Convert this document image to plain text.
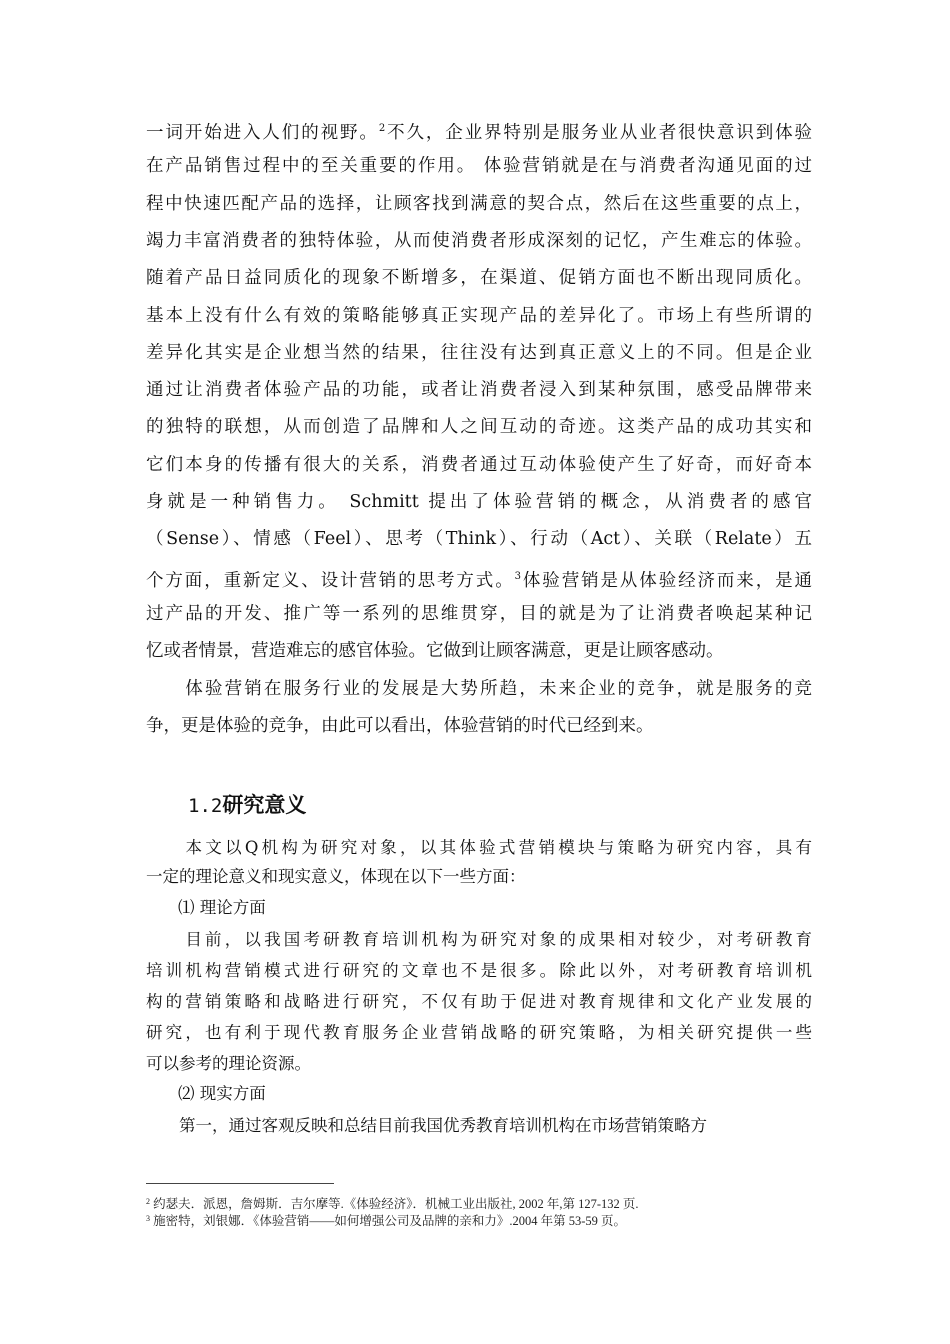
一词开始进入人们的视野。$^2$不久，企业界特别是服务业从业者很快意识到体验
在产品销售过程中的至关重要的作用。 体验营销就是在与消费者沟通见面的过
程中快速匹配产品的选择，让顾客找到满意的契合点，然后在这些重要的点上，
竭力丰富消费者的独特体验，从而使消费者形成深刻的记忆，产生难忘的体验。
随着产品日益同质化的现象不断增多，在渠道、促销方面也不断出现同质化。
基本上没有什么有效的策略能够真正实现产品的差异化了。市场上有些所谓的
差异化其实是企业想当然的结果，往往没有达到真正意义上的不同。但是企业
通过让消费者体验产品的功能，或者让消费者浸入到某种氛围，感受品牌带来
的独特的联想，从而创造了品牌和人之间互动的奇迹。这类产品的成功其实和
它们本身的传播有很大的关系，消费者通过互动体验使产生了好奇，而好奇本
身就是一种销售力。 Schmitt 提出了体验营销的概念，从消费者的感官
（Sense）、情感（Feel）、思考（Think）、行动（Act）、关联（Relate）五
个方面，重新定义、设计营销的思考方式。$^3$体验营销是从体验经济而来，是通
过产品的开发、推广等一系列的思维贯穿，目的就是为了让消费者唤起某种记
忆或者情景，营造难忘的感官体验。它做到让顾客满意，更是让顾客感动。
　　体验营销在服务行业的发展是大势所趋，未来企业的竞争，就是服务的竞
争，更是体验的竞争，由此可以看出，体验营销的时代已经到来。
1.2研究意义
　　本文以Q机构为研究对象，以其体验式营销模块与策略为研究内容，具有
一定的理论意义和现实意义，体现在以下一些方面：
⑴ 理论方面
　　目前，以我国考研教育培训机构为研究对象的成果相对较少，对考研教育
培训机构营销模式进行研究的文章也不是很多。除此以外，对考研教育培训机
构的营销策略和战略进行研究，不仅有助于促进对教育规律和文化产业发展的
研究，也有利于现代教育服务企业营销战略的研究策略，为相关研究提供一些
可以参考的理论资源。
⑵ 现实方面
　　第一，通过客观反映和总结目前我国优秀教育培训机构在市场营销策略方
$^2$ 约瑟夫．派恩，詹姆斯．吉尔摩等.《体验经济》．机械工业出版社, 2002 年,第 127-132 页.
$^3$ 施密特，刘银娜．《体验营销——如何增强公司及品牌的亲和力》.2004 年第 53-59 页。
